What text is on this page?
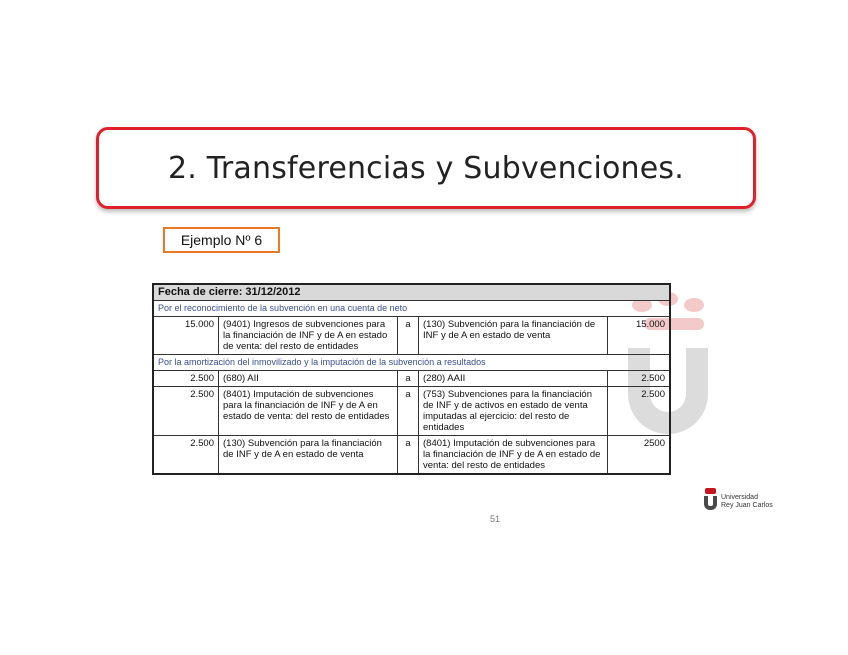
2. Transferencias y Subvenciones.
Ejemplo Nº 6
Fecha de cierre: 31/12/2012				
Por el reconocimiento de la subvención en una cuenta de neto				
15.000	(9401) Ingresos de subvenciones para la financiación de INF y de A en estado de venta: del resto de entidades	a	(130) Subvención para la financiación de INF y de A en estado de venta	15.000
Por la amortización del inmovilizado y la imputación de la subvención a resultados				
2.500	(680) AII	a	(280) AAII	2.500
2.500	(8401) Imputación de subvenciones para la financiación de INF y de A en estado de venta: del resto de entidades	a	(753) Subvenciones para la financiación de INF y de activos en estado de venta imputadas al ejercicio: del resto de entidades	2.500
2.500	(130) Subvención para la financiación de INF y de A en estado de venta	a	(8401) Imputación de subvenciones para la financiación de INF y de A en estado de venta: del resto de entidades	2500
51
Universidad
Rey Juan Carlos
